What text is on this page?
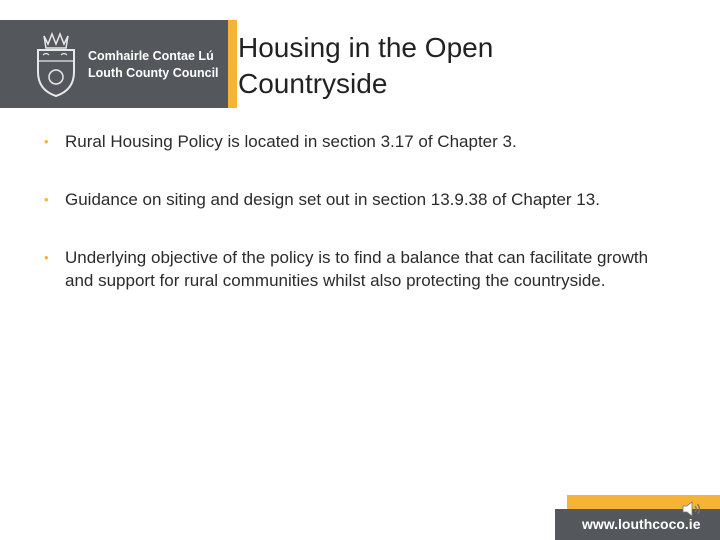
Comhairle Contae Lú
Louth County Council
Housing in the Open
Countryside
• Rural Housing Policy is located in section 3.17 of Chapter 3.
• Guidance on siting and design set out in section 13.9.38 of Chapter 13.
• Underlying objective of the policy is to find a balance that can facilitate growth and support for rural communities whilst also protecting the countryside.
www.louthcoco.ie
